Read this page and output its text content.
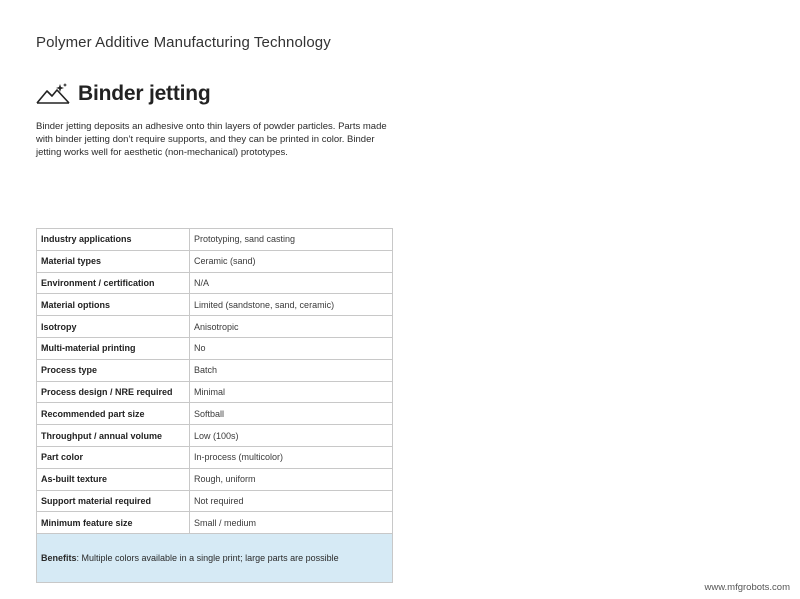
Polymer Additive Manufacturing Technology
Binder jetting
Binder jetting deposits an adhesive onto thin layers of powder particles. Parts made with binder jetting don’t require supports, and they can be printed in color. Binder jetting works well for aesthetic (non-mechanical) prototypes.
Industry applications	Prototyping, sand casting
Material types	Ceramic (sand)
Environment / certification	N/A
Material options	Limited (sandstone, sand, ceramic)
Isotropy	Anisotropic
Multi-material printing	No
Process type	Batch
Process design / NRE required	Minimal
Recommended part size	Softball
Throughput / annual volume	Low (100s)
Part color	In-process (multicolor)
As-built texture	Rough, uniform
Support material required	Not required
Minimum feature size	Small / medium
Benefits: Multiple colors available in a single print; large parts are possible	
www.mfgrobots.com
